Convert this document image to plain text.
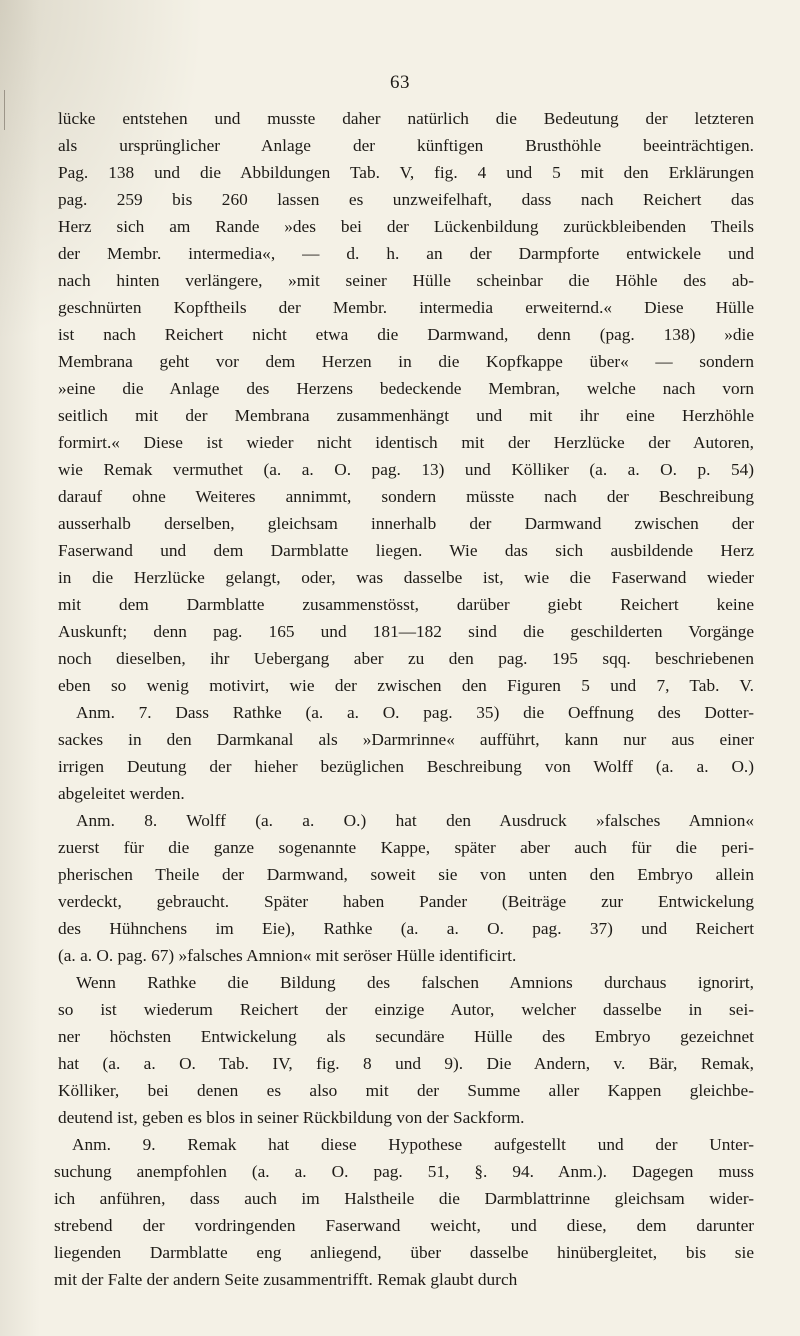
63
lücke entstehen und musste daher natürlich die Bedeutung der letzteren
als ursprünglicher Anlage der künftigen Brusthöhle beeinträchtigen.
Pag. 138 und die Abbildungen Tab. V, fig. 4 und 5 mit den Erklärungen
pag. 259 bis 260 lassen es unzweifelhaft, dass nach Reichert das
Herz sich am Rande »des bei der Lückenbildung zurückbleibenden Theils
der Membr. intermedia«, — d. h. an der Darmpforte entwickele und
nach hinten verlängere, »mit seiner Hülle scheinbar die Höhle des ab-
geschnürten Kopftheils der Membr. intermedia erweiternd.« Diese Hülle
ist nach Reichert nicht etwa die Darmwand, denn (pag. 138) »die
Membrana geht vor dem Herzen in die Kopfkappe über« — sondern
»eine die Anlage des Herzens bedeckende Membran, welche nach vorn
seitlich mit der Membrana zusammenhängt und mit ihr eine Herzhöhle
formirt.« Diese ist wieder nicht identisch mit der Herzlücke der Autoren,
wie Remak vermuthet (a. a. O. pag. 13) und Kölliker (a. a. O. p. 54)
darauf ohne Weiteres annimmt, sondern müsste nach der Beschreibung
ausserhalb derselben, gleichsam innerhalb der Darmwand zwischen der
Faserwand und dem Darmblatte liegen. Wie das sich ausbildende Herz
in die Herzlücke gelangt, oder, was dasselbe ist, wie die Faserwand wieder
mit dem Darmblatte zusammenstösst, darüber giebt Reichert keine
Auskunft; denn pag. 165 und 181—182 sind die geschilderten Vorgänge
noch dieselben, ihr Uebergang aber zu den pag. 195 sqq. beschriebenen
eben so wenig motivirt, wie der zwischen den Figuren 5 und 7, Tab. V.
Anm. 7. Dass Rathke (a. a. O. pag. 35) die Oeffnung des Dotter-
sackes in den Darmkanal als »Darmrinne« aufführt, kann nur aus einer
irrigen Deutung der hieher bezüglichen Beschreibung von Wolff (a. a. O.)
abgeleitet werden.
Anm. 8. Wolff (a. a. O.) hat den Ausdruck »falsches Amnion«
zuerst für die ganze sogenannte Kappe, später aber auch für die peri-
pherischen Theile der Darmwand, soweit sie von unten den Embryo allein
verdeckt, gebraucht. Später haben Pander (Beiträge zur Entwickelung
des Hühnchens im Eie), Rathke (a. a. O. pag. 37) und Reichert
(a. a. O. pag. 67) »falsches Amnion« mit seröser Hülle identificirt.
Wenn Rathke die Bildung des falschen Amnions durchaus ignorirt,
so ist wiederum Reichert der einzige Autor, welcher dasselbe in sei-
ner höchsten Entwickelung als secundäre Hülle des Embryo gezeichnet
hat (a. a. O. Tab. IV, fig. 8 und 9). Die Andern, v. Bär, Remak,
Kölliker, bei denen es also mit der Summe aller Kappen gleichbe-
deutend ist, geben es blos in seiner Rückbildung von der Sackform.
Anm. 9. Remak hat diese Hypothese aufgestellt und der Unter-
suchung anempfohlen (a. a. O. pag. 51, §. 94. Anm.). Dagegen muss
ich anführen, dass auch im Halstheile die Darmblattrinne gleichsam wider-
strebend der vordringenden Faserwand weicht, und diese, dem darunter
liegenden Darmblatte eng anliegend, über dasselbe hinübergleitet, bis sie
mit der Falte der andern Seite zusammentrifft. Remak glaubt durch
